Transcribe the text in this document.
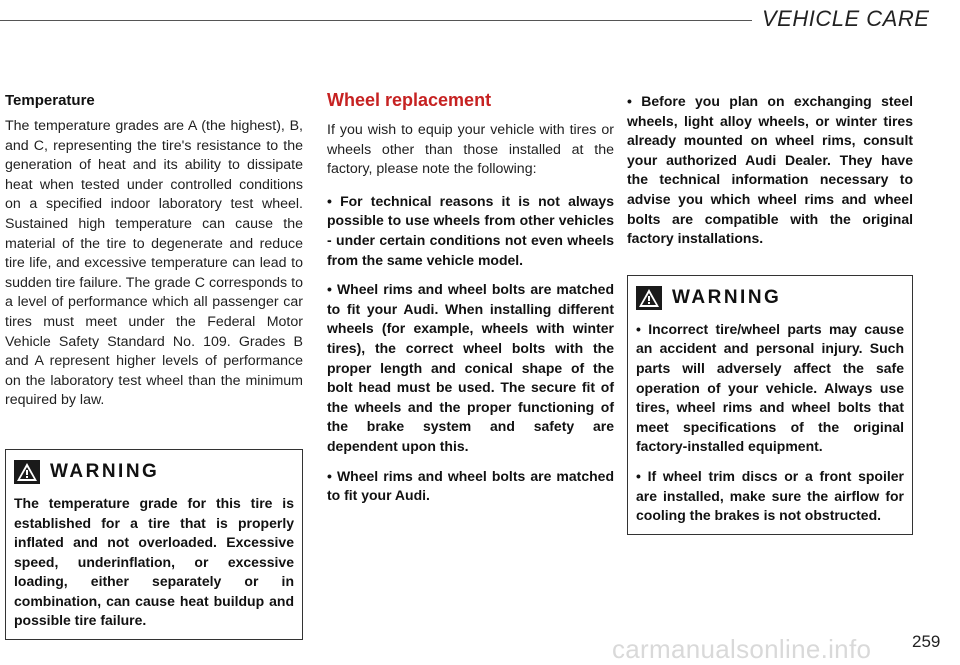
VEHICLE CARE

Temperature

The temperature grades are A (the highest), B, and C, representing the tire's resistance to the generation of heat and its ability to dissipate heat when tested under controlled conditions on a specified indoor laboratory test wheel. Sustained high temperature can cause the material of the tire to degenerate and reduce tire life, and excessive temperature can lead to sudden tire failure. The grade C corresponds to a level of performance which all passenger car tires must meet under the Federal Motor Vehicle Safety Standard No. 109. Grades B and A represent higher levels of performance on the laboratory test wheel than the minimum required by law.

WARNING

The temperature grade for this tire is established for a tire that is properly inflated and not overloaded. Excessive speed, underinflation, or excessive loading, either separately or in combination, can cause heat buildup and possible tire failure.

Wheel replacement

If you wish to equip your vehicle with tires or wheels other than those installed at the factory, please note the following:

• For technical reasons it is not always possible to use wheels from other vehicles - under certain conditions not even wheels from the same vehicle model.

• Wheel rims and wheel bolts are matched to fit your Audi. When installing different wheels (for example, wheels with winter tires), the correct wheel bolts with the proper length and conical shape of the bolt head must be used. The secure fit of the wheels and the proper functioning of the brake system and safety are dependent upon this.

• Wheel rims and wheel bolts are matched to fit your Audi.

• Before you plan on exchanging steel wheels, light alloy wheels, or winter tires already mounted on wheel rims, consult your authorized Audi Dealer. They have the technical information necessary to advise you which wheel rims and wheel bolts are compatible with the original factory installations.

WARNING

• Incorrect tire/wheel parts may cause an accident and personal injury. Such parts will adversely affect the safe operation of your vehicle. Always use tires, wheel rims and wheel bolts that meet specifications of the original factory-installed equipment.

• If wheel trim discs or a front spoiler are installed, make sure the airflow for cooling the brakes is not obstructed.

carmanualsonline.info 259
